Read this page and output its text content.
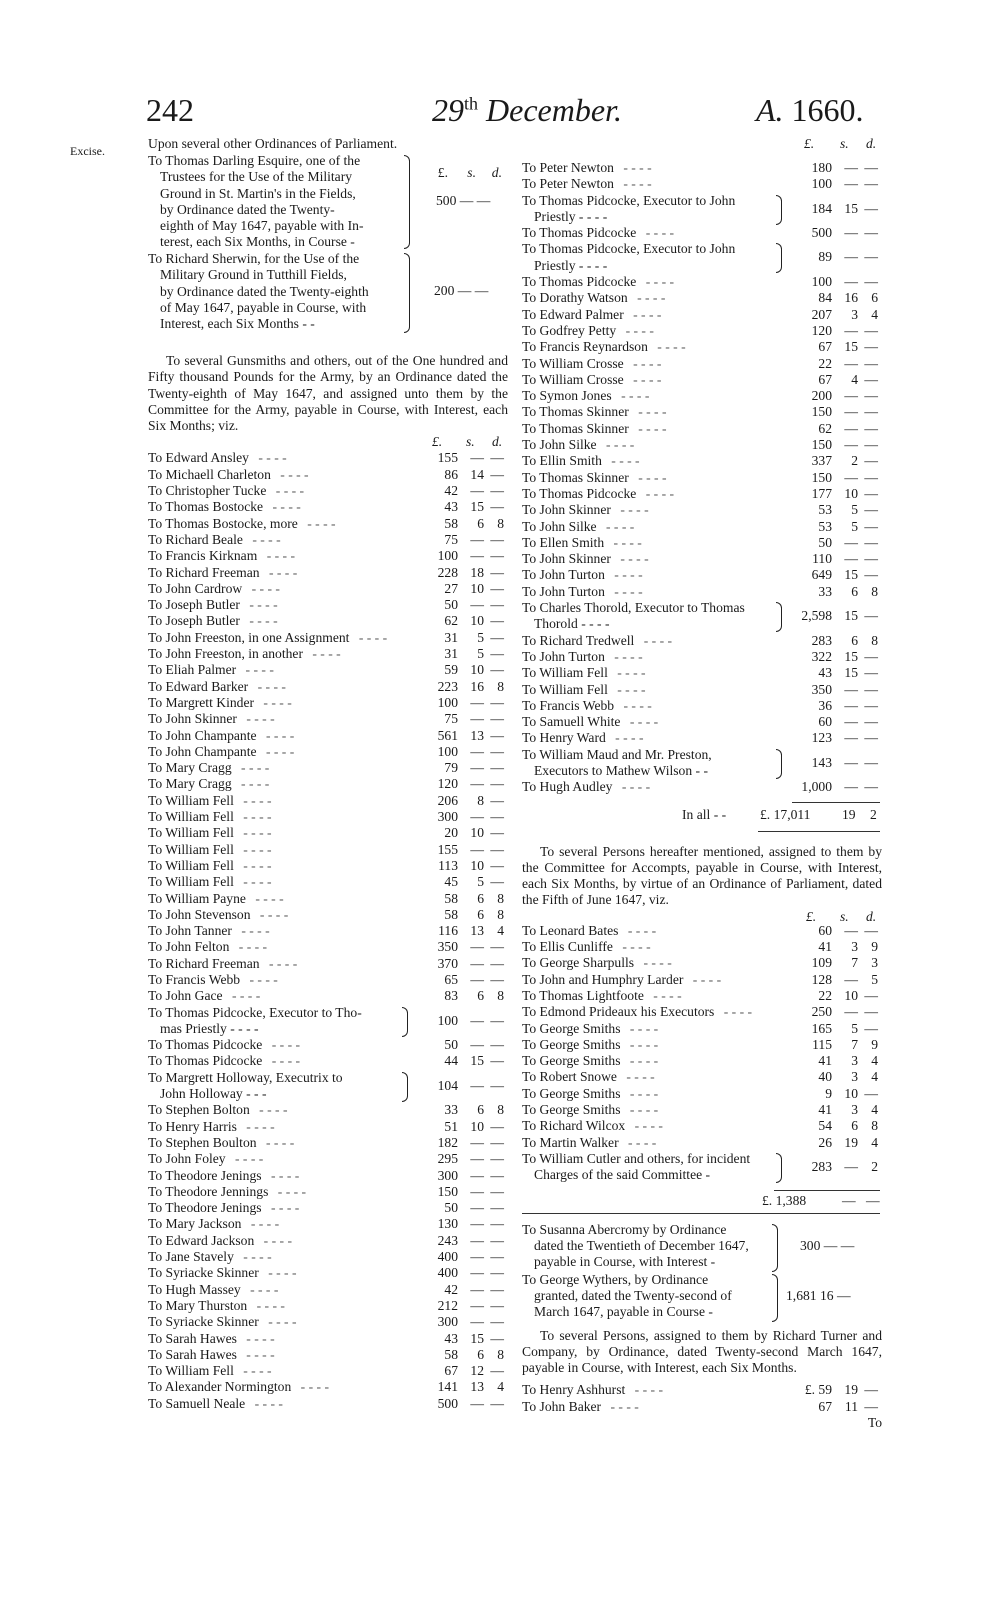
242	29th December.	A. 1660.
Excise.	Upon several other Ordinances of Parliament.
To Thomas Darling Esquire, one of the
Trustees for the Use of the Military
Ground in St. Martin's in the Fields,
by Ordinance dated the Twenty-
eighth of May 1647, payable with In-
terest, each Six Months, in Course -
£. s. d.
500 — —
To Richard Sherwin, for the Use of the
Military Ground in Tutthill Fields,
by Ordinance dated the Twenty-eighth
of May 1647, payable in Course, with
Interest, each Six Months - -
200 — —
To several Gunsmiths and others, out of the One hundred and Fifty thousand Pounds for the Army, by an Ordinance dated the Twenty-eighth of May 1647, and assigned unto them by the Committee for the Army, payable in Course, with Interest, each Six Months; viz.
£. s. d.
To Edward Ansley - - - -	155 — —
To Michaell Charleton - - - -	86 14 —
To Christopher Tucke - - - -	42 — —
To Thomas Bostocke - - - -	43 15 —
To Thomas Bostocke, more - - - -	58 6 8
To Richard Beale - - - -	75 — —
To Francis Kirknam - - - -	100 — —
To Richard Freeman - - - -	228 18 —
To John Cardrow - - - -	27 10 —
To Joseph Butler - - - -	50 — —
To Joseph Butler - - - -	62 10 —
To John Freeston, in one Assignment - - - -	31 5 —
To John Freeston, in another - - - -	31 5 —
To Eliah Palmer - - - -	59 10 —
To Edward Barker - - - -	223 16 8
To Margrett Kinder - - - -	100 — —
To John Skinner - - - -	75 — —
To John Champante - - - -	561 13 —
To John Champante - - - -	100 — —
To Mary Cragg - - - -	79 — —
To Mary Cragg - - - -	120 — —
To William Fell - - - -	206 8 —
To William Fell - - - -	300 — —
To William Fell - - - -	20 10 —
To William Fell - - - -	155 — —
To William Fell - - - -	113 10 —
To William Fell - - - -	45 5 —
To William Payne - - - -	58 6 8
To John Stevenson - - - -	58 6 8
To John Tanner - - - -	116 13 4
To John Felton - - - -	350 — —
To Richard Freeman - - - -	370 — —
To Francis Webb - - - -	65 — —
To John Gace - - - -	83 6 8
To Thomas Pidcocke, Executor to Tho-
mas Priestly - - - -
100 — —
To Thomas Pidcocke - - - -	50 — —
To Thomas Pidcocke - - - -	44 15 —
To Margrett Holloway, Executrix to
John Holloway - - -
104 — —
To Stephen Bolton - - - -	33 6 8
To Henry Harris - - - -	51 10 —
To Stephen Boulton - - - -	182 — —
To John Foley - - - -	295 — —
To Theodore Jenings - - - -	300 — —
To Theodore Jennings - - - -	150 — —
To Theodore Jenings - - - -	50 — —
To Mary Jackson - - - -	130 — —
To Edward Jackson - - - -	243 — —
To Jane Stavely - - - -	400 — —
To Syriacke Skinner - - - -	400 — —
To Hugh Massey - - - -	42 — —
To Mary Thurston - - - -	212 — —
To Syriacke Skinner - - - -	300 — —
To Sarah Hawes - - - -	43 15 —
To Sarah Hawes - - - -	58 6 8
To William Fell - - - -	67 12 —
To Alexander Normington - - - -	141 13 4
To Samuell Neale - - - -	500 — —
£. s. d.
To Peter Newton - - - -	180 — —
To Peter Newton - - - -	100 — —
To Thomas Pidcocke, Executor to John
Priestly - - - -
184 15 —
To Thomas Pidcocke - - - -	500 — —
To Thomas Pidcocke, Executor to John
Priestly - - - -
89 — —
To Thomas Pidcocke - - - -	100 — —
To Dorathy Watson - - - -	84 16 6
To Edward Palmer - - - -	207 3 4
To Godfrey Petty - - - -	120 — —
To Francis Reynardson - - - -	67 15 —
To William Crosse - - - -	22 — —
To William Crosse - - - -	67 4 —
To Symon Jones - - - -	200 — —
To Thomas Skinner - - - -	150 — —
To Thomas Skinner - - - -	62 — —
To John Silke - - - -	150 — —
To Ellin Smith - - - -	337 2 —
To Thomas Skinner - - - -	150 — —
To Thomas Pidcocke - - - -	177 10 —
To John Skinner - - - -	53 5 —
To John Silke - - - -	53 5 —
To Ellen Smith - - - -	50 — —
To John Skinner - - - -	110 — —
To John Turton - - - -	649 15 —
To John Turton - - - -	33 6 8
To Charles Thorold, Executor to Thomas
Thorold - - - -
2,598 15 —
To Richard Tredwell - - - -	283 6 8
To John Turton - - - -	322 15 —
To William Fell - - - -	43 15 —
To William Fell - - - -	350 — —
To Francis Webb - - - -	36 — —
To Samuell White - - - -	60 — —
To Henry Ward - - - -	123 — —
To William Maud and Mr. Preston,
Executors to Mathew Wilson - -
143 — —
To Hugh Audley - - - -	1,000 — —
In all - - £. 17,011 19 2
To several Persons hereafter mentioned, assigned to them by the Committee for Accompts, payable in Course, with Interest, each Six Months, by virtue of an Ordinance of Parliament, dated the Fifth of June 1647, viz.
£. s. d.
To Leonard Bates - - - -	60 — —
To Ellis Cunliffe - - - -	41 3 9
To George Sharpulls - - - -	109 7 3
To John and Humphry Larder - - - -	128 — 5
To Thomas Lightfoote - - - -	22 10 —
To Edmond Prideaux his Executors - - - -	250 — —
To George Smiths - - - -	165 5 —
To George Smiths - - - -	115 7 9
To George Smiths - - - -	41 3 4
To Robert Snowe - - - -	40 3 4
To George Smiths - - - -	9 10 —
To George Smiths - - - -	41 3 4
To Richard Wilcox - - - -	54 6 8
To Martin Walker - - - -	26 19 4
To William Cutler and others, for incident
Charges of the said Committee -
283 — 2
£. 1,388	— —
To Susanna Abercromy by Ordinance
dated the Twentieth of December 1647,
payable in Course, with Interest -
300 — —
To George Wythers, by Ordinance
granted, dated the Twenty-second of
March 1647, payable in Course -
1,681 16 —
To several Persons, assigned to them by Richard Turner and Company, by Ordinance, dated Twenty-second March 1647, payable in Course, with Interest, each Six Months.
To Henry Ashhurst - - - -	£. 59 19 —
To John Baker - - - -	67 11 —
To
